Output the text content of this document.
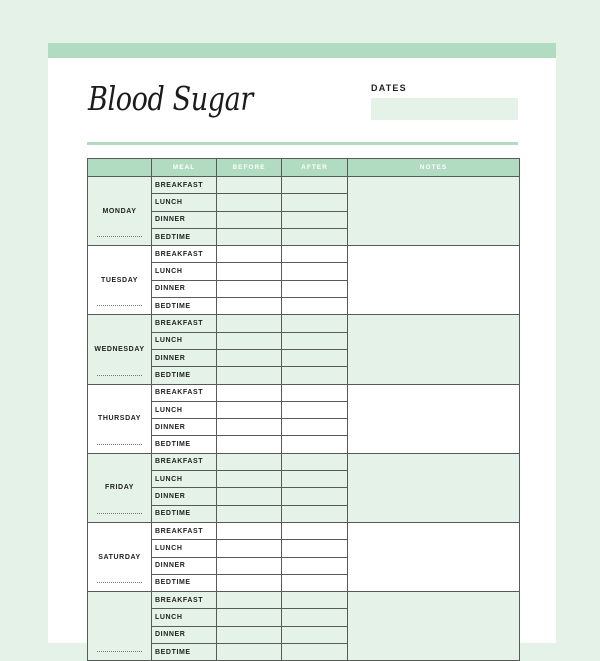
Blood Sugar	DATES
	MEAL	BEFORE	AFTER	NOTES

MONDAY	BREAKFAST			
	LUNCH			
	DINNER			
	BEDTIME			

TUESDAY	BREAKFAST			
	LUNCH			
	DINNER			
	BEDTIME			

WEDNESDAY	BREAKFAST			
	LUNCH			
	DINNER			
	BEDTIME			

THURSDAY	BREAKFAST			
	LUNCH			
	DINNER			
	BEDTIME			

FRIDAY	BREAKFAST			
	LUNCH			
	DINNER			
	BEDTIME			

SATURDAY	BREAKFAST			
	LUNCH			
	DINNER			
	BEDTIME			

	BREAKFAST			
	LUNCH			
	DINNER			
	BEDTIME			
